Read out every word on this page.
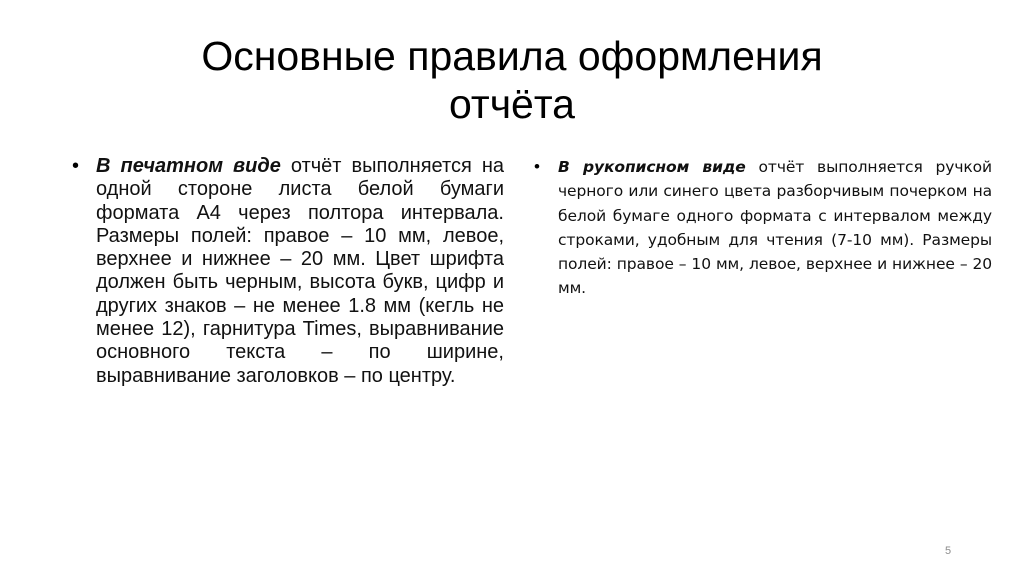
Основные правила оформления
отчёта
• В печатном виде отчёт выполняется на одной стороне листа белой бумаги формата А4 через полтора интервала. Размеры полей: правое – 10 мм, левое, верхнее и нижнее – 20 мм. Цвет шрифта должен быть черным, высота букв, цифр и других знаков – не менее 1.8 мм (кегль не менее 12), гарнитура Times, выравнивание основного текста – по ширине, выравнивание заголовков – по центру.
•	В рукописном виде отчёт выполняется ручкой черного или синего цвета разборчивым почерком на белой бумаге одного формата с интервалом между строками, удобным для чтения (7-10 мм). Размеры полей: правое – 10 мм, левое, верхнее и нижнее – 20 мм.
5
